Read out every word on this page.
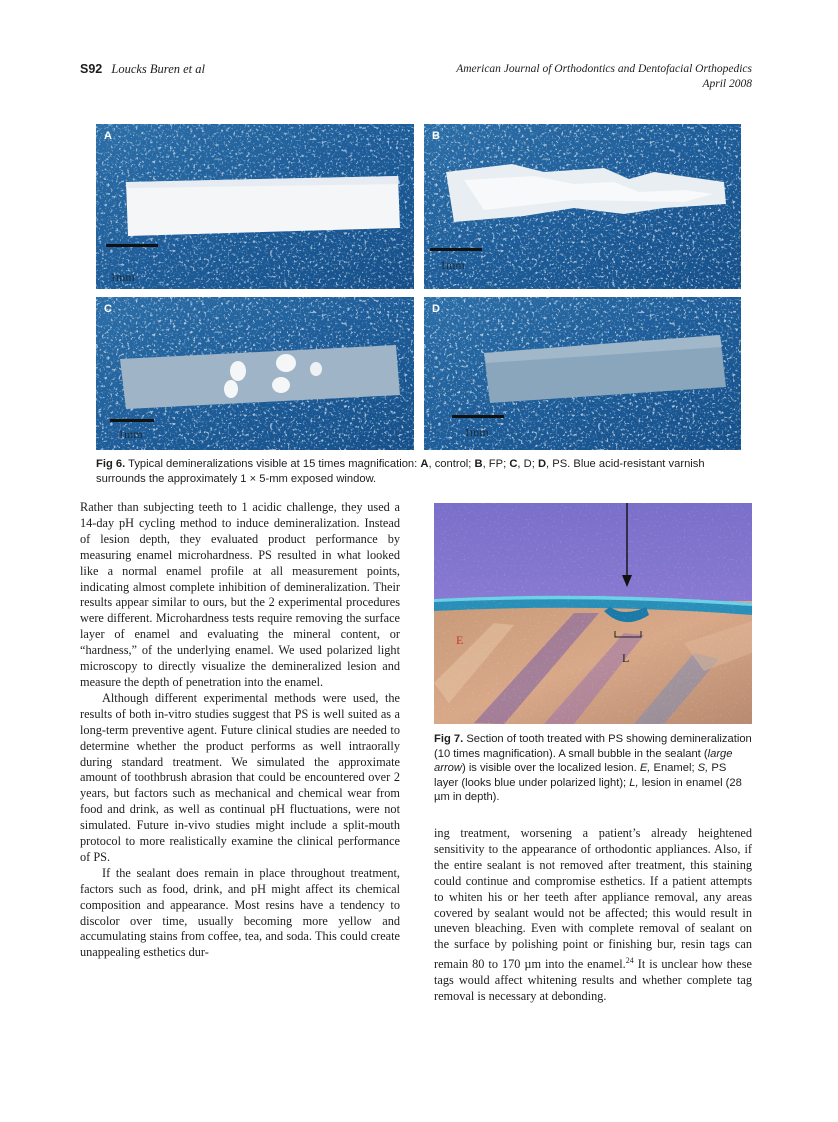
S92 Loucks Buren et al	American Journal of Orthodontics and Dentofacial Orthopedics
April 2008
A
1mm
B
1mm
C
1mm
D
1mm
Fig 6. Typical demineralizations visible at 15 times magnification: A, control; B, FP; C, D; D, PS. Blue acid-resistant varnish surrounds the approximately 1 × 5-mm exposed window.

Rather than subjecting teeth to 1 acidic challenge, they used a 14-day pH cycling method to induce demineralization. Instead of lesion depth, they evaluated product performance by measuring enamel microhardness. PS resulted in what looked like a normal enamel profile at all measurement points, indicating almost complete inhibition of demineralization. Their results appear similar to ours, but the 2 experimental procedures were different. Microhardness tests require removing the surface layer of enamel and evaluating the mineral content, or “hardness,” of the underlying enamel. We used polarized light microscopy to directly visualize the demineralized lesion and measure the depth of penetration into the enamel.

Although different experimental methods were used, the results of both in-vitro studies suggest that PS is well suited as a long-term preventive agent. Future clinical studies are needed to determine whether the product performs as well intraorally during standard treatment. We simulated the approximate amount of toothbrush abrasion that could be encountered over 2 years, but factors such as mechanical and chemical wear from food and drink, as well as continual pH fluctuations, were not simulated. Future in-vivo studies might include a split-mouth protocol to more realistically examine the clinical performance of PS.

If the sealant does remain in place throughout treatment, factors such as food, drink, and pH might affect its chemical composition and appearance. Most resins have a tendency to discolor over time, usually becoming more yellow and accumulating stains from coffee, tea, and soda. This could create unappealing esthetics dur-

E
L
Fig 7. Section of tooth treated with PS showing demineralization (10 times magnification). A small bubble in the sealant (large arrow) is visible over the localized lesion. E, Enamel; S, PS layer (looks blue under polarized light); L, lesion in enamel (28 µm in depth).

ing treatment, worsening a patient’s already heightened sensitivity to the appearance of orthodontic appliances. Also, if the entire sealant is not removed after treatment, this staining could continue and compromise esthetics. If a patient attempts to whiten his or her teeth after appliance removal, any areas covered by sealant would not be affected; this would result in uneven bleaching. Even with complete removal of sealant on the surface by polishing point or finishing bur, resin tags can remain 80 to 170 µm into the enamel.$^{24}$ It is unclear how these tags would affect whitening results and whether complete tag removal is necessary at debonding.
